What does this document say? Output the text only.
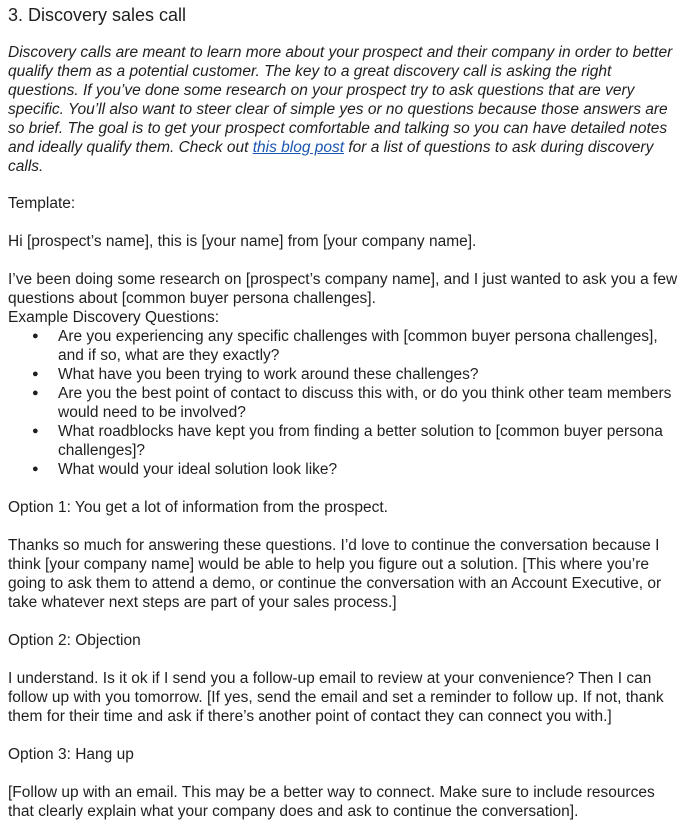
3. Discovery sales call

Discovery calls are meant to learn more about your prospect and their company in order to better qualify them as a potential customer. The key to a great discovery call is asking the right questions. If you’ve done some research on your prospect try to ask questions that are very specific. You’ll also want to steer clear of simple yes or no questions because those answers are so brief. The goal is to get your prospect comfortable and talking so you can have detailed notes and ideally qualify them. Check out this blog post for a list of questions to ask during discovery calls.

Template:

Hi [prospect’s name], this is [your name] from [your company name].

I’ve been doing some research on [prospect’s company name], and I just wanted to ask you a few questions about [common buyer persona challenges].

Example Discovery Questions:

● Are you experiencing any specific challenges with [common buyer persona challenges], and if so, what are they exactly?
● What have you been trying to work around these challenges?
● Are you the best point of contact to discuss this with, or do you think other team members would need to be involved?
● What roadblocks have kept you from finding a better solution to [common buyer persona challenges]?
● What would your ideal solution look like?

Option 1: You get a lot of information from the prospect.

Thanks so much for answering these questions. I’d love to continue the conversation because I think [your company name] would be able to help you figure out a solution. [This where you’re going to ask them to attend a demo, or continue the conversation with an Account Executive, or take whatever next steps are part of your sales process.]

Option 2: Objection

I understand. Is it ok if I send you a follow-up email to review at your convenience? Then I can follow up with you tomorrow. [If yes, send the email and set a reminder to follow up. If not, thank them for their time and ask if there’s another point of contact they can connect you with.]

Option 3: Hang up

[Follow up with an email. This may be a better way to connect. Make sure to include resources that clearly explain what your company does and ask to continue the conversation].
